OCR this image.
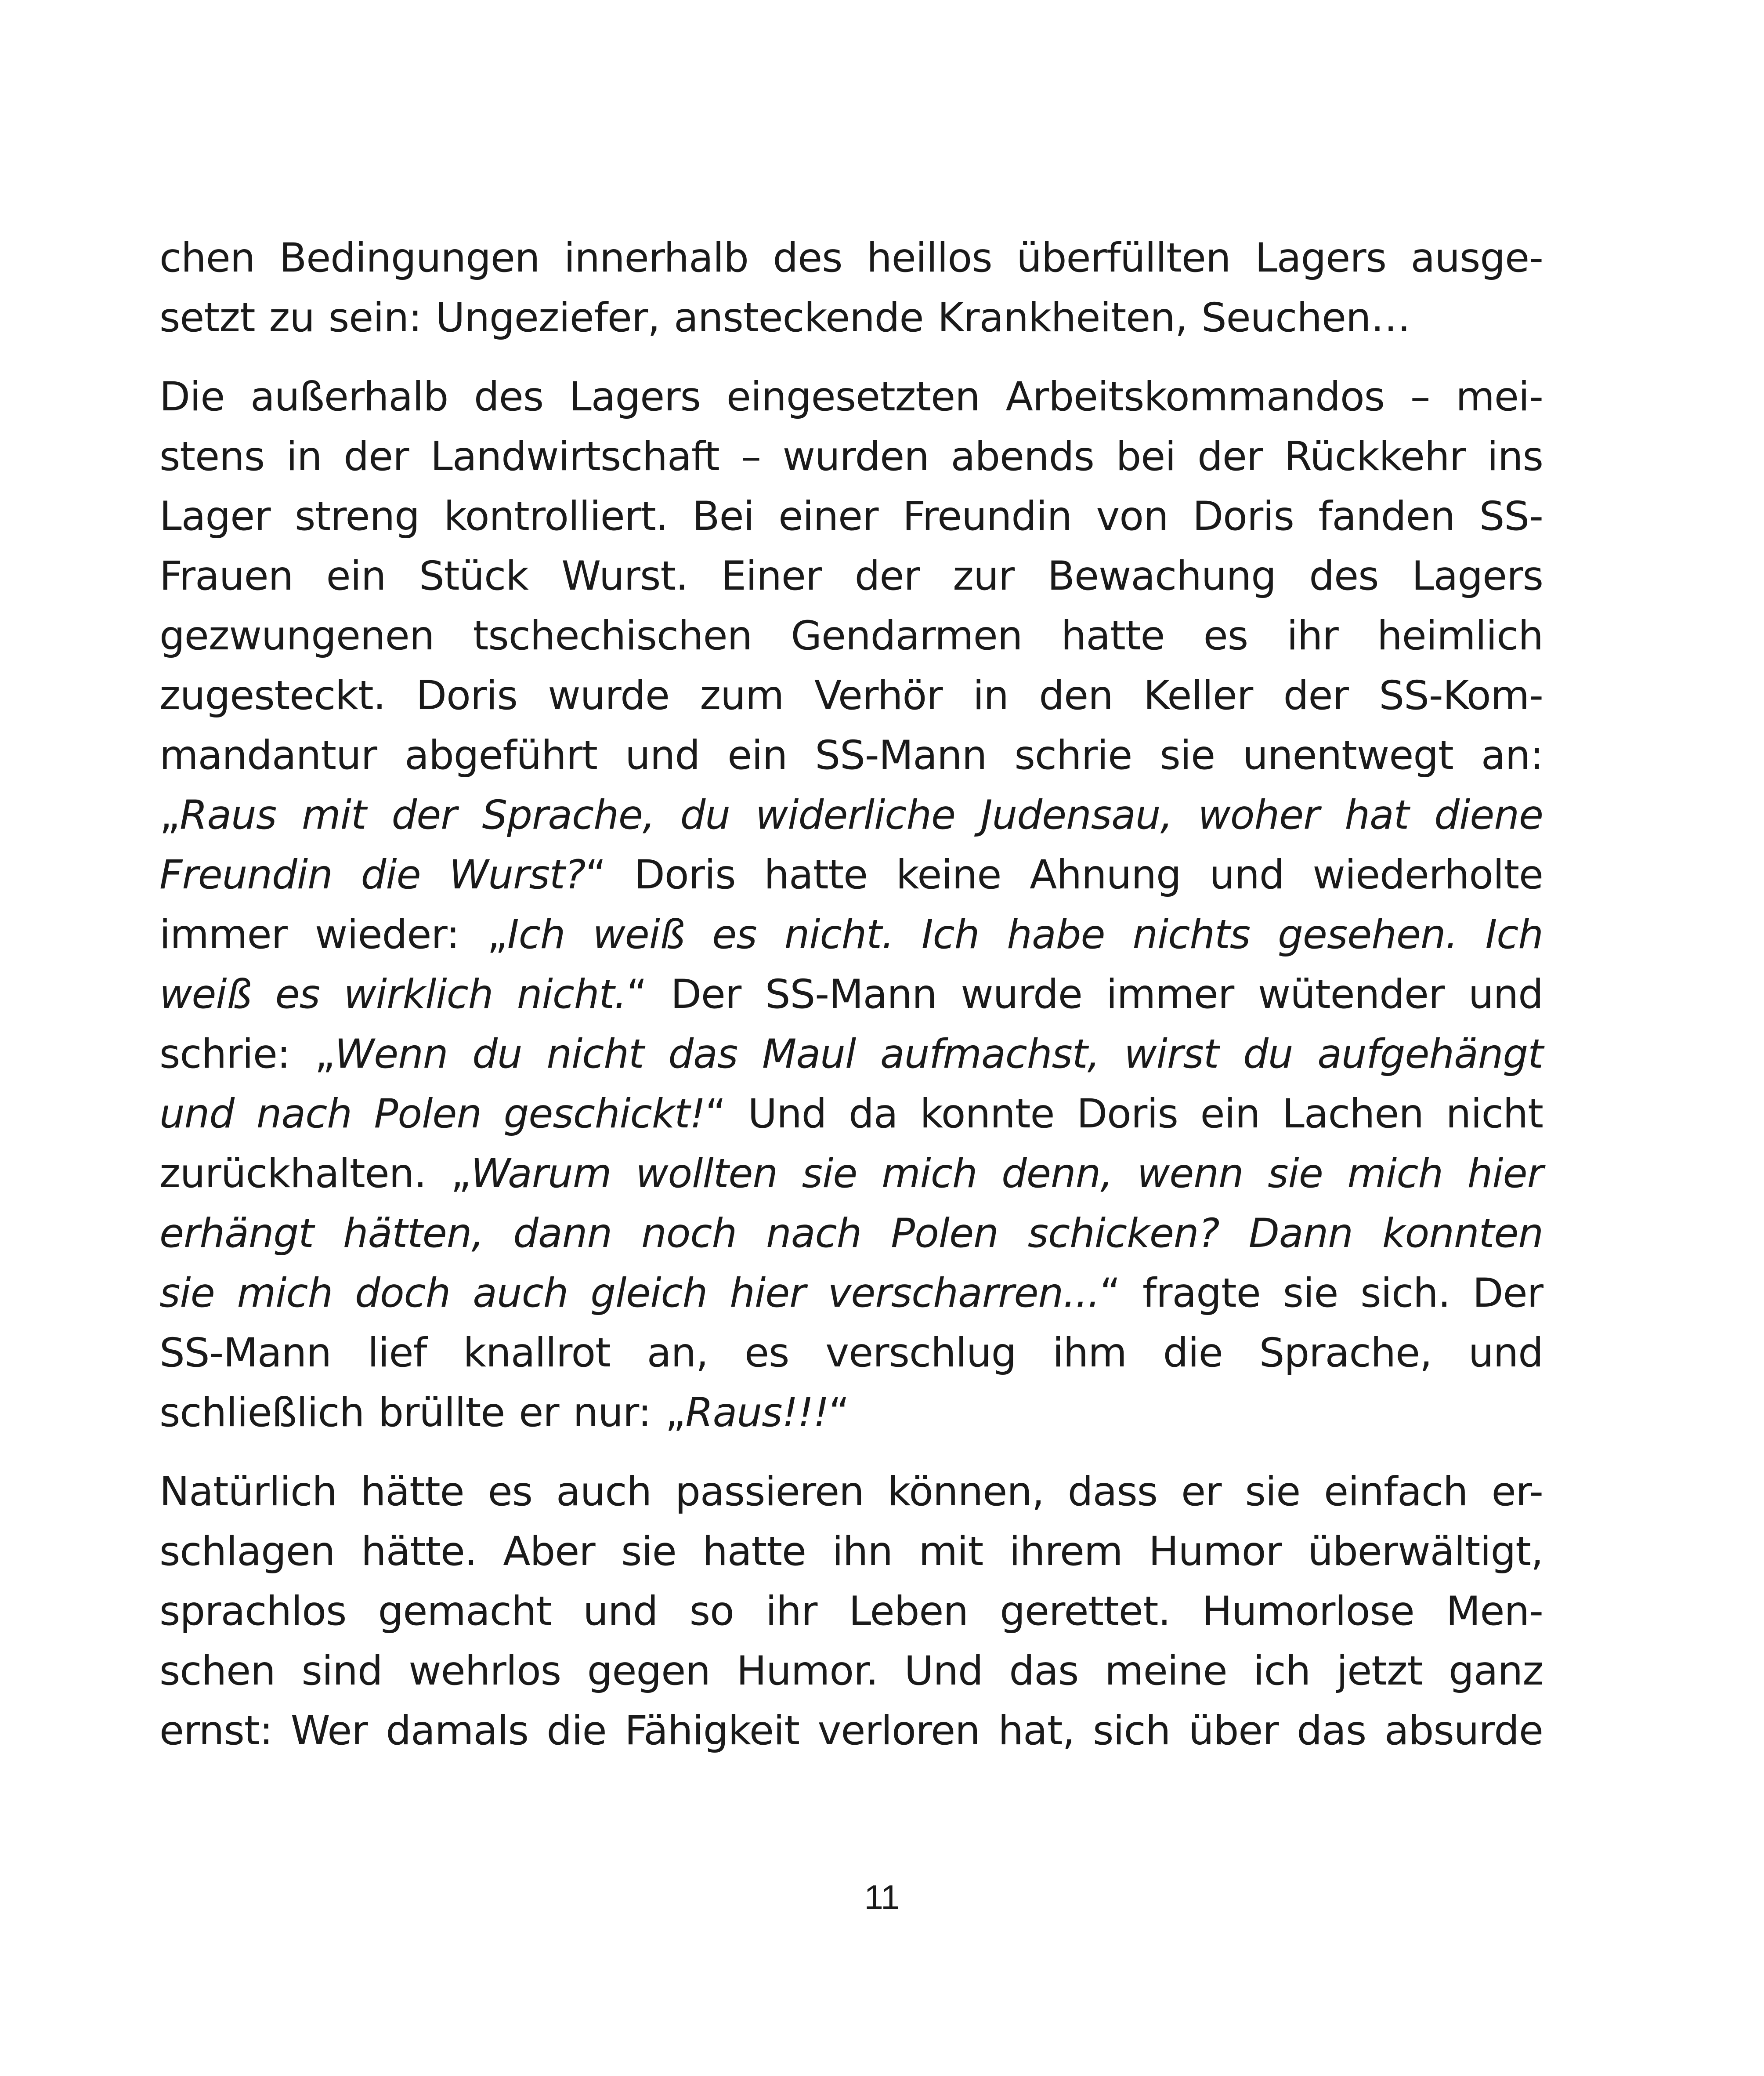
chen Bedingungen innerhalb des heillos überfüllten Lagers ausge-
setzt zu sein: Ungeziefer, ansteckende Krankheiten, Seuchen…

Die außerhalb des Lagers eingesetzten Arbeitskommandos – mei-
stens in der Landwirtschaft – wurden abends bei der Rückkehr ins
Lager streng kontrolliert. Bei einer Freundin von Doris fanden SS-
Frauen ein Stück Wurst. Einer der zur Bewachung des Lagers
gezwungenen tschechischen Gendarmen hatte es ihr heimlich
zugesteckt. Doris wurde zum Verhör in den Keller der SS-Kom-
mandantur abgeführt und ein SS-Mann schrie sie unentwegt an:
„Raus mit der Sprache, du widerliche Judensau, woher hat diene
Freundin die Wurst?“ Doris hatte keine Ahnung und wiederholte
immer wieder: „Ich weiß es nicht. Ich habe nichts gesehen. Ich
weiß es wirklich nicht.“ Der SS-Mann wurde immer wütender und
schrie: „Wenn du nicht das Maul aufmachst, wirst du aufgehängt
und nach Polen geschickt!“ Und da konnte Doris ein Lachen nicht
zurückhalten. „Warum wollten sie mich denn, wenn sie mich hier
erhängt hätten, dann noch nach Polen schicken? Dann konnten
sie mich doch auch gleich hier verscharren...“ fragte sie sich. Der
SS-Mann lief knallrot an, es verschlug ihm die Sprache, und
schließlich brüllte er nur: „Raus!!!“

Natürlich hätte es auch passieren können, dass er sie einfach er-
schlagen hätte. Aber sie hatte ihn mit ihrem Humor überwältigt,
sprachlos gemacht und so ihr Leben gerettet. Humorlose Men-
schen sind wehrlos gegen Humor. Und das meine ich jetzt ganz
ernst: Wer damals die Fähigkeit verloren hat, sich über das absurde

11
